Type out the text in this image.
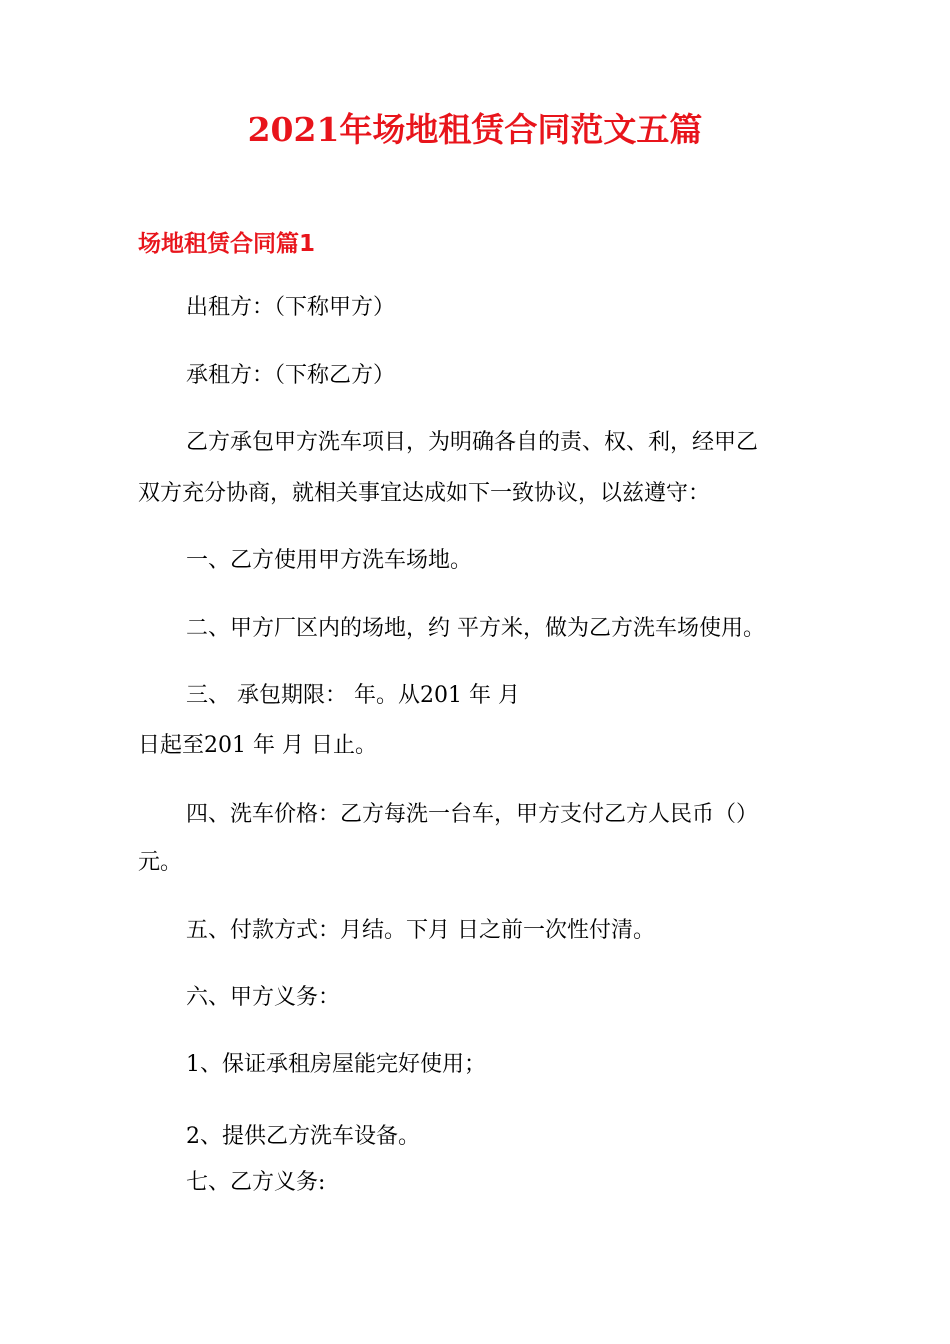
2021年场地租赁合同范文五篇
场地租赁合同篇1
出租方：（下称甲方）
承租方：（下称乙方）
乙方承包甲方洗车项目，为明确各自的责、权、利，经甲乙
双方充分协商，就相关事宜达成如下一致协议，以兹遵守：
一、乙方使用甲方洗车场地。
二、甲方厂区内的场地，约 平方米，做为乙方洗车场使用。
三、 承包期限： 年。从201 年 月
日起至201 年 月 日止。
四、洗车价格：乙方每洗一台车，甲方支付乙方人民币（）
元。
五、付款方式：月结。下月 日之前一次性付清。
六、甲方义务：
1、保证承租房屋能完好使用；
2、提供乙方洗车设备。
七、乙方义务:
